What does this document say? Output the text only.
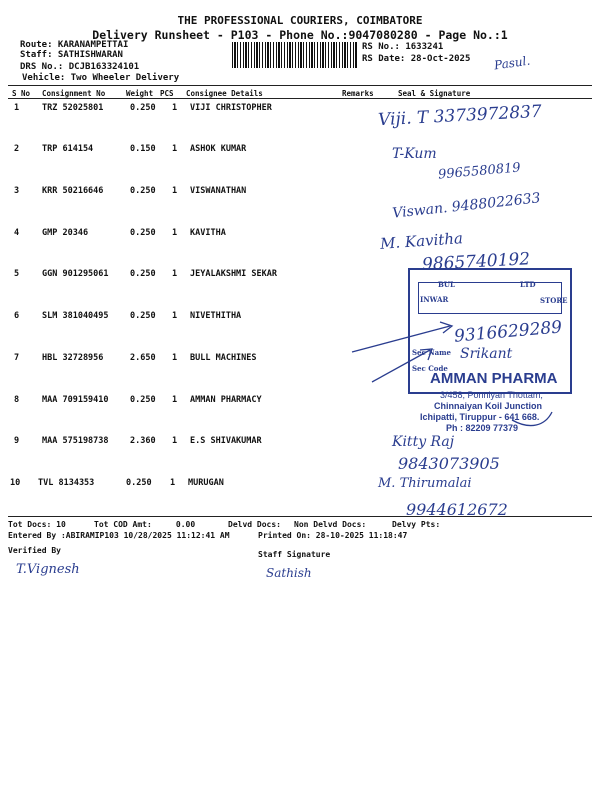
THE PROFESSIONAL COURIERS, COIMBATORE
Delivery Runsheet - P103 - Phone No.:9047080280 - Page No.:1
Route: KARANAMPETTAI
Staff: SATHISHWARAN
DRS No.: DCJB163324101
Vehicle: Two Wheeler Delivery
RS No.: 1633241
RS Date: 28-Oct-2025 Pasul.
S No Consignment No	Weight PCS Consignee Details	Remarks	Seal & Signature
1	TRZ 52025801	0.250 1 VIJI CHRISTOPHER
2	TRP 614154	0.150 1 ASHOK KUMAR
3	KRR 50216646	0.250 1 VISWANATHAN
4	GMP 20346	0.250 1 KAVITHA
5	GGN 901295061	0.250 1 JEYALAKSHMI SEKAR
6	SLM 381040495	0.250 1 NIVETHITHA
7	HBL 32728956	2.650 1 BULL MACHINES
8	MAA 709159410	0.250 1 AMMAN PHARMACY
9	MAA 575198738	2.360 1 E.S SHIVAKUMAR
10 TVL 8134353	0.250 1 MURUGAN
Viji. T 3373972837
T-Kum
9965580819
Viswan. 9488022633
M. Kavitha
9865740192
BUL	LTD
INWAR	STORE
9316629289
Sec Name Srikant
Sec Code
AMMAN PHARMA
3/458, Ponniyan Thottam,
Chinnaiyan Koil Junction
Ichipatti, Tiruppur - 641 668.
Ph : 82209 77379
Kitty Raj
9843073905
M. Thirumalai
9944612672
Tot Docs: 10	Tot COD Amt:     0.00	Delvd Docs: Non Delvd Docs:	Delvy Pts:
Entered By :ABIRAMIP103 10/28/2025 11:12:41 AM	Printed On: 28-10-2025 11:18:47
Verified By	Staff Signature
T.Vignesh	Sathish
